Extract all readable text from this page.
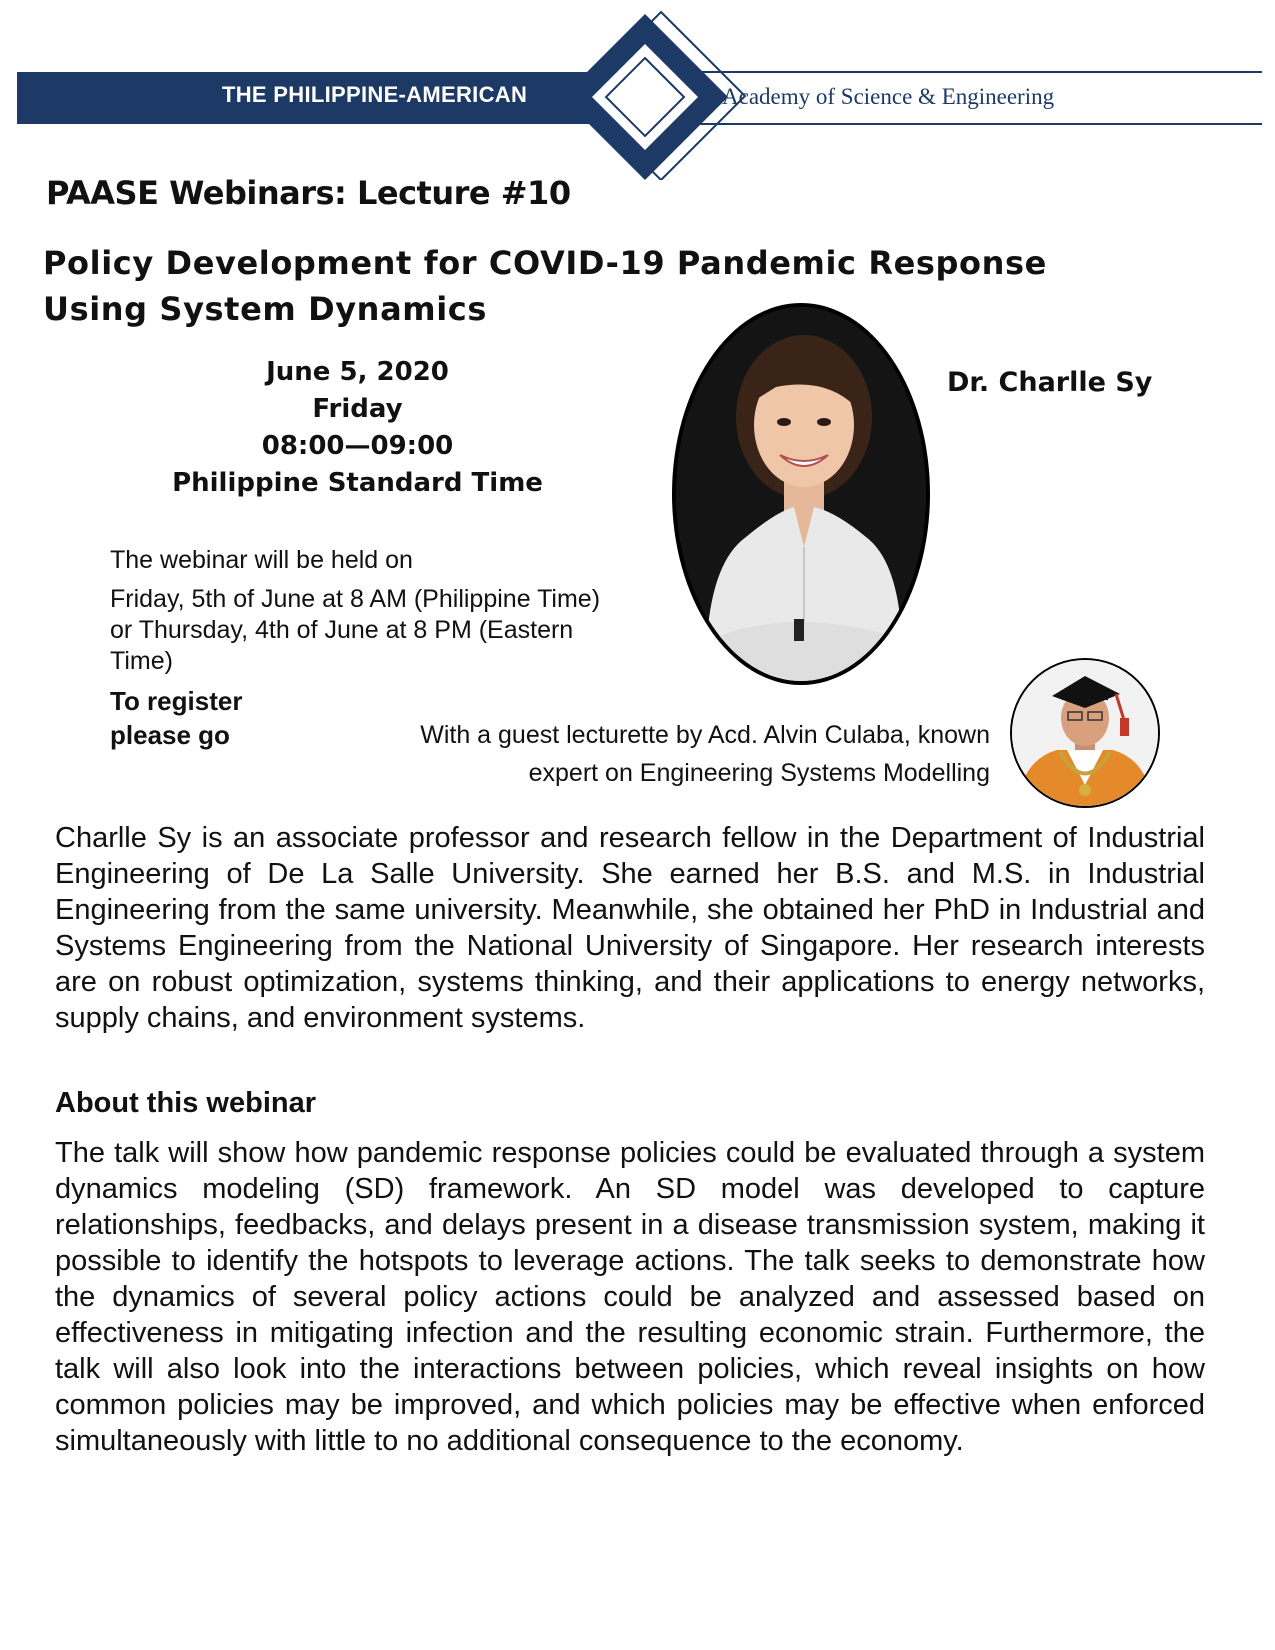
THE PHILIPPINE-AMERICAN	Academy of Science & Engineering
PAASE Webinars: Lecture #10
Policy Development for COVID-19 Pandemic Response
Using System Dynamics
June 5, 2020
Friday
08:00—09:00
Philippine Standard Time
Dr. Charlle Sy
The webinar will be held on
Friday, 5th of June at 8 AM (Philippine Time) or Thursday, 4th of June at 8 PM (Eastern Time)
To register please go	With a guest lecturette by Acd. Alvin Culaba, known
expert on Engineering Systems Modelling
Charlle Sy is an associate professor and research fellow in the Department of Industrial Engineering of De La Salle University. She earned her B.S. and M.S. in Industrial Engineering from the same university. Meanwhile, she obtained her PhD in Industrial and Systems Engineering from the National University of Singapore. Her research interests are on robust optimization, systems thinking, and their applications to energy networks, supply chains, and environment systems.
About this webinar
The talk will show how pandemic response policies could be evaluated through a system dynamics modeling (SD) framework. An SD model was developed to capture relationships, feedbacks, and delays present in a disease transmission system, making it possible to identify the hotspots to leverage actions. The talk seeks to demonstrate how the dynamics of several policy actions could be analyzed and assessed based on effectiveness in mitigating infection and the resulting economic strain. Furthermore, the talk will also look into the interactions between policies, which reveal insights on how common policies may be improved, and which policies may be effective when enforced simultaneously with little to no additional consequence to the economy.
